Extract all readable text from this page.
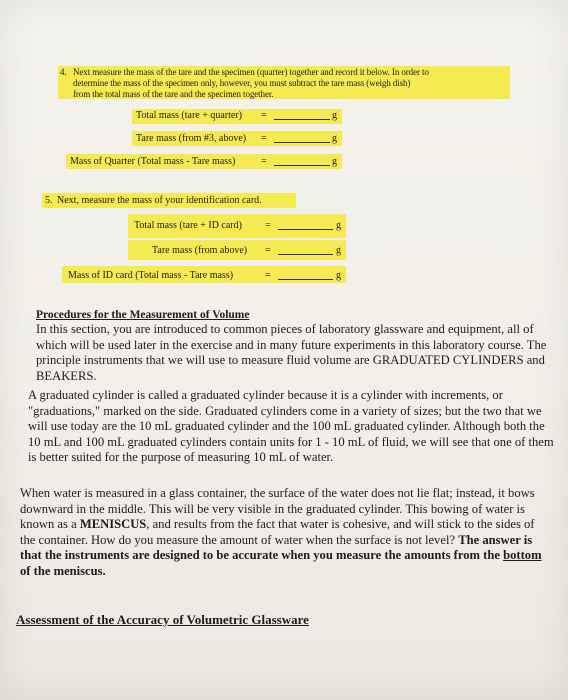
4. Next measure the mass of the tare and the specimen (quarter) together and record it below. In order to
determine the mass of the specimen only, however, you must subtract the tare mass (weigh dish)
from the total mass of the tare and the specimen together.
Total mass (tare + quarter) =	g
Tare mass (from #3, above) =	g
Mass of Quarter (Total mass - Tare mass)	=	g
5. Next, measure the mass of your identification card.
Total mass (tare + ID card) =	g
Tare mass (from above) =	g
Mass of ID card (Total mass - Tare mass)	=	g
Procedures for the Measurement of Volume
In this section, you are introduced to common pieces of laboratory glassware and equipment, all of
which will be used later in the exercise and in many future experiments in this laboratory course. The
principle instruments that we will use to measure fluid volume are GRADUATED CYLINDERS and
BEAKERS.
A graduated cylinder is called a graduated cylinder because it is a cylinder with increments, or
"graduations," marked on the side. Graduated cylinders come in a variety of sizes; but the two that we
will use today are the 10 mL graduated cylinder and the 100 mL graduated cylinder. Although both the
10 mL and 100 mL graduated cylinders contain units for 1 - 10 mL of fluid, we will see that one of them
is better suited for the purpose of measuring 10 mL of water.
When water is measured in a glass container, the surface of the water does not lie flat; instead, it bows
downward in the middle. This will be very visible in the graduated cylinder. This bowing of water is
known as a MENISCUS, and results from the fact that water is cohesive, and will stick to the sides of
the container. How do you measure the amount of water when the surface is not level? The answer is
that the instruments are designed to be accurate when you measure the amounts from the bottom
of the meniscus.
Assessment of the Accuracy of Volumetric Glassware
